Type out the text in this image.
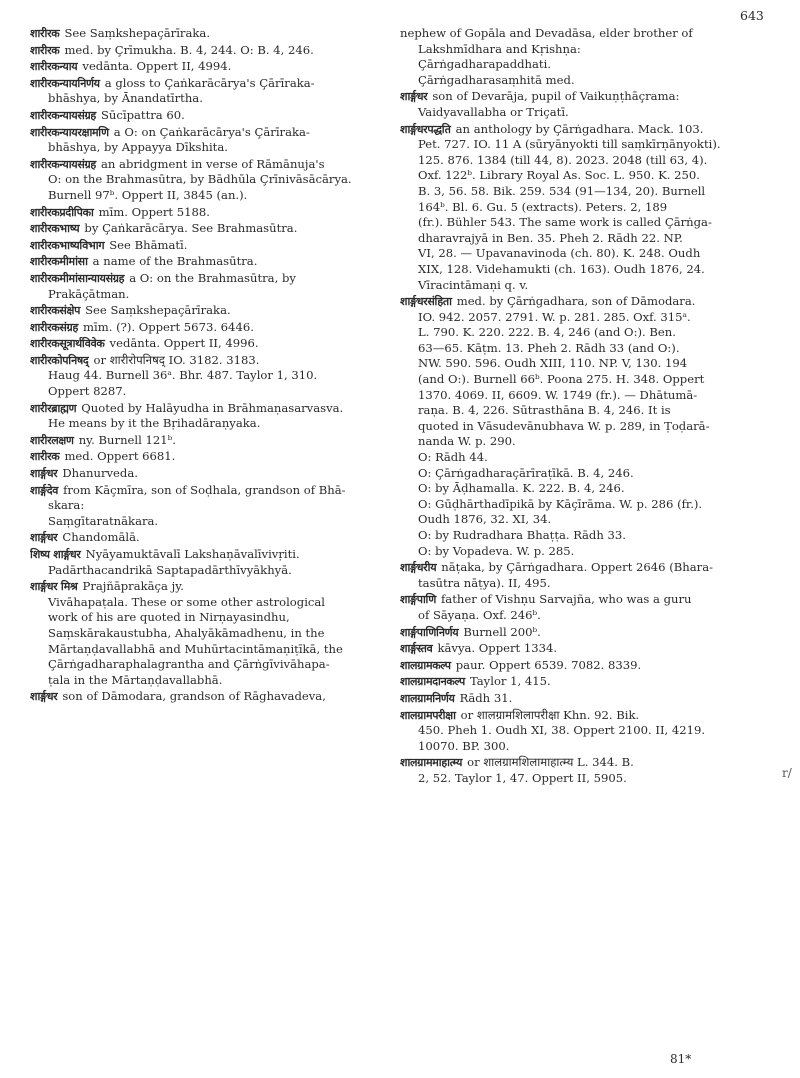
643
शारीरक See Saṃkshepaçārīraka.
शारीरक med. by Çrīmukha. B. 4, 244. O: B. 4, 246.
शारीरकन्याय vedānta. Oppert II, 4994.
शारीरकन्यायनिर्णय a gloss to Çaṅkarācārya's Çārīraka-
bhāshya, by Ānandatīrtha.
शारीरकन्यायसंग्रह Sūcīpattra 60.
शारीरकन्यायरक्षामणि a O: on Çaṅkarācārya's Çārīraka-
bhāshya, by Appayya Dīkshita.
शारीरकन्यायसंग्रह an abridgment in verse of Rāmānuja's
O: on the Brahmasūtra, by Bādhūla Çrīnivāsācārya.
Burnell 97ᵇ. Oppert II, 3845 (an.).
शारीरकप्रदीपिका mīm. Oppert 5188.
शारीरकभाष्य by Çaṅkarācārya. See Brahmasūtra.
शारीरकभाष्यविभाग See Bhāmatī.
शारीरकमीमांसा a name of the Brahmasūtra.
शारीरकमीमांसान्यायसंग्रह a O: on the Brahmasūtra, by
Prakāçātman.
शारीरकसंक्षेप See Saṃkshepaçārīraka.
शारीरकसंग्रह mīm. (?). Oppert 5673. 6446.
शारीरकसूत्रार्थविवेक vedānta. Oppert II, 4996.
शारीरकोपनिषद् or शारीरोपनिषद् IO. 3182. 3183.
Haug 44. Burnell 36ᵃ. Bhr. 487. Taylor 1, 310.
Oppert 8287.
शारीरब्राह्मण Quoted by Halāyudha in Brāhmaṇasarvasva.
He means by it the Bṛihadāraṇyaka.
शारीरलक्षण ny. Burnell 121ᵇ.
शारीरक med. Oppert 6681.
शार्ङ्गधर Dhanurveda.
शार्ङ्गदेव from Kāçmīra, son of Soḍhala, grandson of Bhā-
skara:
Saṃgītaratnākara.
शार्ङ्गधर Chandomālā.
शिष्य शार्ङ्गधर Nyāyamuktāvalī Lakshaṇāvalīvivṛiti.
Padārthacandrikā Saptapadārthīvyākhyā.
शार्ङ्गधर मिश्र Prajñāprakāça jy.
Vivāhapaṭala. These or some other astrological
work of his are quoted in Nirṇayasindhu,
Saṃskārakaustubha, Ahalyākāmadhenu, in the
Mārtaṇḍavallabhā and Muhūrtacintāmaṇiṭīkā, the
Çārṅgadharaphalagrantha and Çārṅgīvivāhapa-
ṭala in the Mārtaṇḍavallabhā.
शार्ङ्गधर son of Dāmodara, grandson of Rāghavadeva,
nephew of Gopāla and Devadāsa, elder brother of
Lakshmīdhara and Kṛishṇa:
Çārṅgadharapaddhati.
Çārṅgadharasaṃhitā med.
शार्ङ्गधर son of Devarāja, pupil of Vaikuṇṭhāçrama:
Vaidyavallabha or Triçatī.
शार्ङ्गधरपद्धति an anthology by Çārṅgadhara. Mack. 103.
Pet. 727. IO. 11 A (sūryānyokti till saṃkīrṇānyokti).
125. 876. 1384 (till 44, 8). 2023. 2048 (till 63, 4).
Oxf. 122ᵇ. Library Royal As. Soc. L. 950. K. 250.
B. 3, 56. 58. Bik. 259. 534 (91—134, 20). Burnell
164ᵇ. Bl. 6. Gu. 5 (extracts). Peters. 2, 189
(fr.). Bühler 543. The same work is called Çārṅga-
dharavrajyā in Ben. 35. Pheh 2. Rādh 22. NP.
VI, 28. — Upavanavinoda (ch. 80). K. 248. Oudh
XIX, 128. Videhamukti (ch. 163). Oudh 1876, 24.
Vīracintāmaṇi q. v.
शार्ङ्गधरसंहिता med. by Çārṅgadhara, son of Dāmodara.
IO. 942. 2057. 2791. W. p. 281. 285. Oxf. 315ᵃ.
L. 790. K. 220. 222. B. 4, 246 (and O:). Ben.
63—65. Kāṭm. 13. Pheh 2. Rādh 33 (and O:).
NW. 590. 596. Oudh XIII, 110. NP. V, 130. 194
(and O:). Burnell 66ᵇ. Poona 275. H. 348. Oppert
1370. 4069. II, 6609. W. 1749 (fr.). — Dhātumā-
raṇa. B. 4, 226. Sūtrasthāna B. 4, 246. It is
quoted in Vāsudevānubhava W. p. 289, in Ṭoḍarā-
nanda W. p. 290.
O: Rādh 44.
O: Çārṅgadharaçārīraṭīkā. B. 4, 246.
O: by Āḍhamalla. K. 222. B. 4, 246.
O: Gūḍhārthadīpikā by Kāçīrāma. W. p. 286 (fr.).
Oudh 1876, 32. XI, 34.
O: by Rudradhara Bhaṭṭa. Rādh 33.
O: by Vopadeva. W. p. 285.
शार्ङ्गधरीय nāṭaka, by Çārṅgadhara. Oppert 2646 (Bhara-
tasūtra nāṭya). II, 495.
शार्ङ्गपाणि father of Vishṇu Sarvajña, who was a guru
of Sāyaṇa. Oxf. 246ᵇ.
शार्ङ्गपाणिनिर्णय Burnell 200ᵇ.
शार्ङ्गस्तव kāvya. Oppert 1334.
शालग्रामकल्प paur. Oppert 6539. 7082. 8339.
शालग्रामदानकल्प Taylor 1, 415.
शालग्रामनिर्णय Rādh 31.
शालग्रामपरीक्षा or शालग्रामशिलापरीक्षा Khn. 92. Bik.
450. Pheh 1. Oudh XI, 38. Oppert 2100. II, 4219.
10070. BP. 300.
शालग्राममाहात्म्य or शालग्रामशिलामाहात्म्य L. 344. B.
2, 52. Taylor 1, 47. Oppert II, 5905.	r/
81*
